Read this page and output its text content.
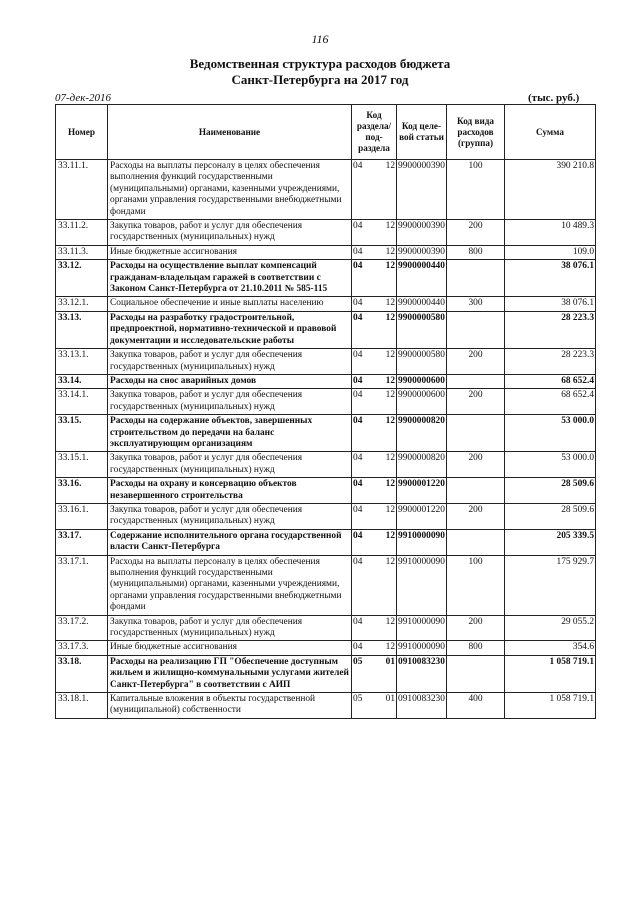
116
Ведомственная структура расходов бюджета
Санкт-Петербурга на 2017 год
07-дек-2016	(тыс. руб.)
Номер	Наименование	Код раздела/ под-раздела	Код целе-вой статьи	Код вида расходов (группа)	Сумма
33.11.1.	Расходы на выплаты персоналу в целях обеспечения выполнения функций государственными (муниципальными) органами, казенными учреждениями, органами управления государственными внебюджетными фондами	04 12	9900000390	100	390 210.8
33.11.2.	Закупка товаров, работ и услуг для обеспечения государственных (муниципальных) нужд	04 12	9900000390	200	10 489.3
33.11.3.	Иные бюджетные ассигнования	04 12	9900000390	800	109.0
33.12.	Расходы на осуществление выплат компенсаций гражданам-владельцам гаражей в соответствии с Законом Санкт-Петербурга от 21.10.2011 № 585-115	04 12	9900000440		38 076.1
33.12.1.	Социальное обеспечение и иные выплаты населению	04 12	9900000440	300	38 076.1
33.13.	Расходы на разработку градостроительной, предпроектной, нормативно-технической и правовой документации и исследовательские работы	04 12	9900000580		28 223.3
33.13.1.	Закупка товаров, работ и услуг для обеспечения государственных (муниципальных) нужд	04 12	9900000580	200	28 223.3
33.14.	Расходы на снос аварийных домов	04 12	9900000600		68 652.4
33.14.1.	Закупка товаров, работ и услуг для обеспечения государственных (муниципальных) нужд	04 12	9900000600	200	68 652.4
33.15.	Расходы на содержание объектов, завершенных строительством до передачи на баланс эксплуатирующим организациям	04 12	9900000820		53 000.0
33.15.1.	Закупка товаров, работ и услуг для обеспечения государственных (муниципальных) нужд	04 12	9900000820	200	53 000.0
33.16.	Расходы на охрану и консервацию объектов незавершенного строительства	04 12	9900001220		28 509.6
33.16.1.	Закупка товаров, работ и услуг для обеспечения государственных (муниципальных) нужд	04 12	9900001220	200	28 509.6
33.17.	Содержание исполнительного органа государственной власти Санкт-Петербурга	04 12	9910000090		205 339.5
33.17.1.	Расходы на выплаты персоналу в целях обеспечения выполнения функций государственными (муниципальными) органами, казенными учреждениями, органами управления государственными внебюджетными фондами	04 12	9910000090	100	175 929.7
33.17.2.	Закупка товаров, работ и услуг для обеспечения государственных (муниципальных) нужд	04 12	9910000090	200	29 055.2
33.17.3.	Иные бюджетные ассигнования	04 12	9910000090	800	354.6
33.18.	Расходы на реализацию ГП "Обеспечение доступным жильем и жилищно-коммунальными услугами жителей Санкт-Петербурга" в соответствии с АИП	05 01	0910083230		1 058 719.1
33.18.1.	Капитальные вложения в объекты государственной (муниципальной) собственности	05 01	0910083230	400	1 058 719.1
